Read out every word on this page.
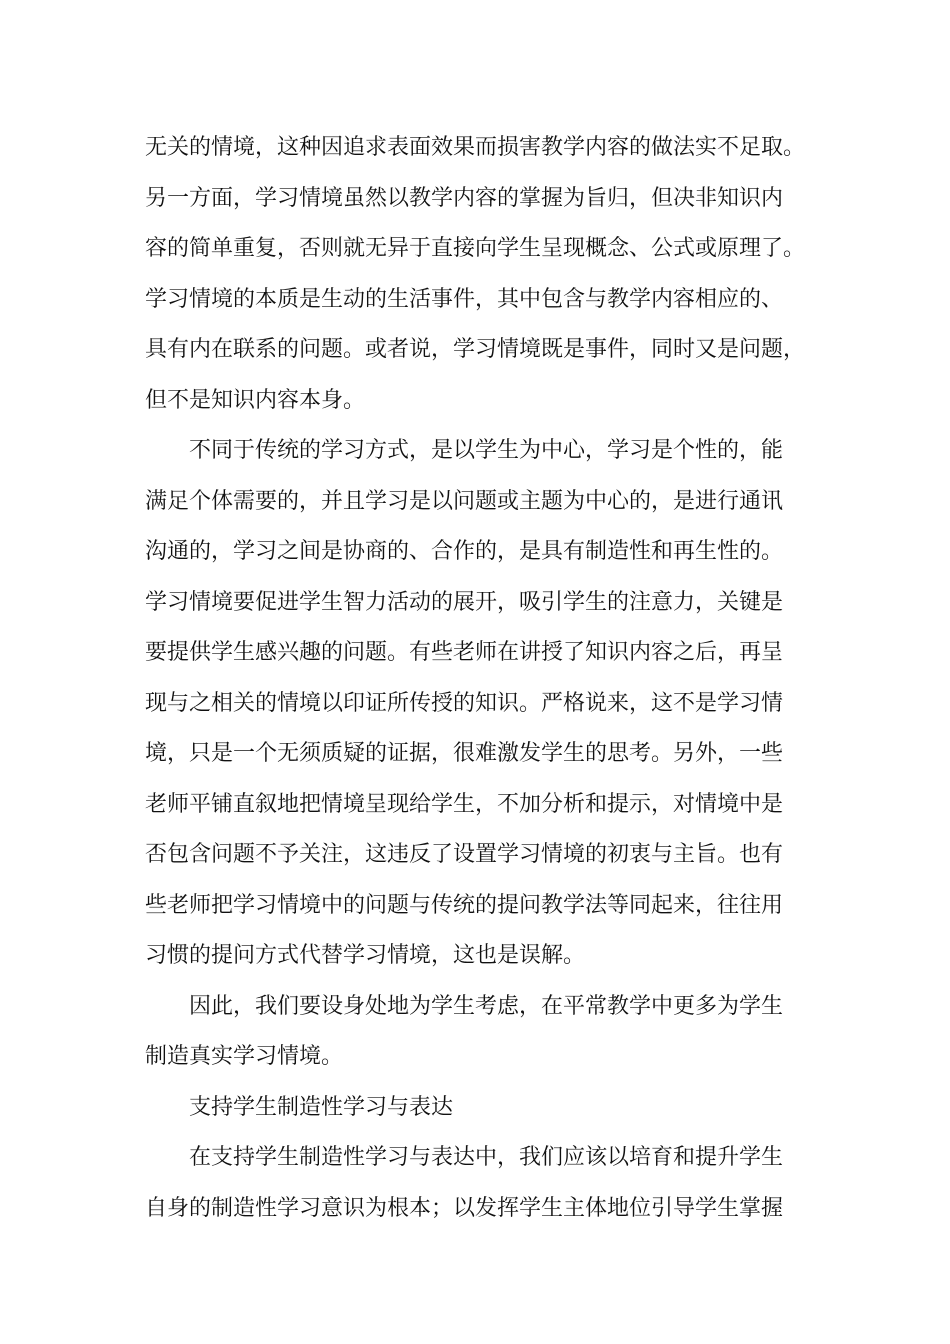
无关的情境，这种因追求表面效果而损害教学内容的做法实不足取。
另一方面，学习情境虽然以教学内容的掌握为旨归，但决非知识内
容的简单重复，否则就无异于直接向学生呈现概念、公式或原理了。
学习情境的本质是生动的生活事件，其中包含与教学内容相应的、
具有内在联系的问题。或者说，学习情境既是事件，同时又是问题，
但不是知识内容本身。
不同于传统的学习方式，是以学生为中心，学习是个性的，能
满足个体需要的，并且学习是以问题或主题为中心的，是进行通讯
沟通的，学习之间是协商的、合作的，是具有制造性和再生性的。
学习情境要促进学生智力活动的展开，吸引学生的注意力，关键是
要提供学生感兴趣的问题。有些老师在讲授了知识内容之后，再呈
现与之相关的情境以印证所传授的知识。严格说来，这不是学习情
境，只是一个无须质疑的证据，很难激发学生的思考。另外，一些
老师平铺直叙地把情境呈现给学生，不加分析和提示，对情境中是
否包含问题不予关注，这违反了设置学习情境的初衷与主旨。也有
些老师把学习情境中的问题与传统的提问教学法等同起来，往往用
习惯的提问方式代替学习情境，这也是误解。
因此，我们要设身处地为学生考虑，在平常教学中更多为学生
制造真实学习情境。
支持学生制造性学习与表达
在支持学生制造性学习与表达中，我们应该以培育和提升学生
自身的制造性学习意识为根本；以发挥学生主体地位引导学生掌握
